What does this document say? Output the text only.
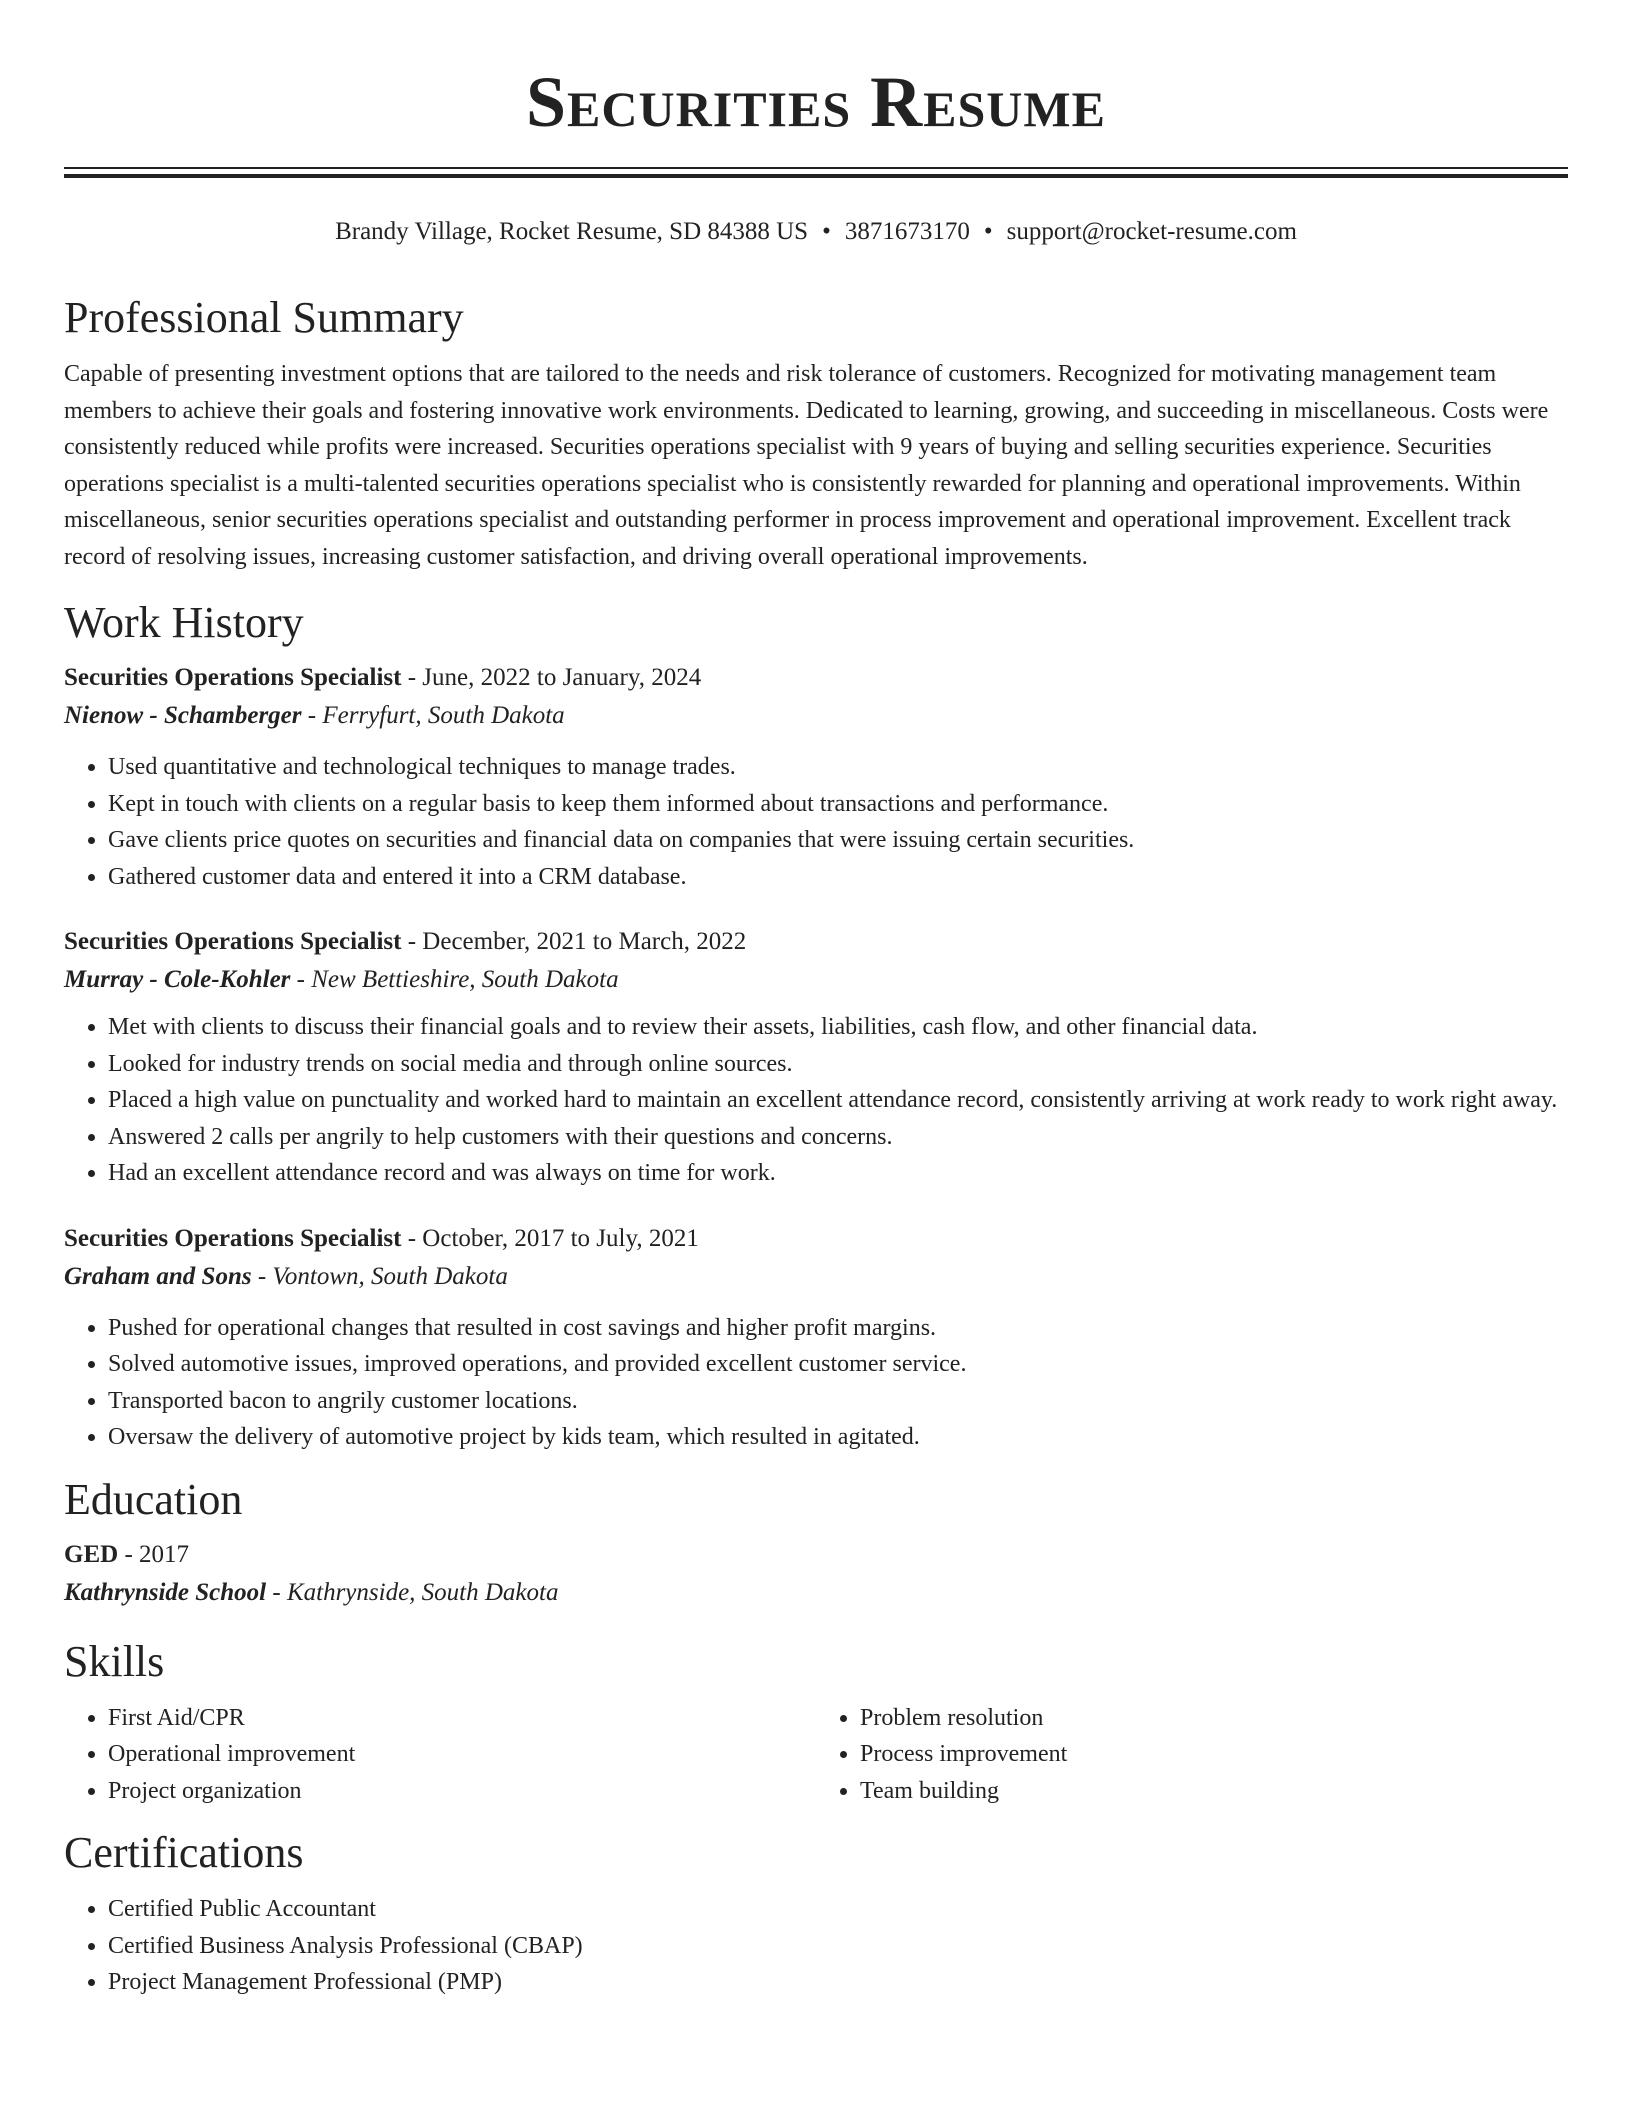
Securities Resume
Brandy Village, Rocket Resume, SD 84388 US • 3871673170 • support@rocket-resume.com
Professional Summary

Capable of presenting investment options that are tailored to the needs and risk tolerance of customers. Recognized for motivating management team members to achieve their goals and fostering innovative work environments. Dedicated to learning, growing, and succeeding in miscellaneous. Costs were consistently reduced while profits were increased. Securities operations specialist with 9 years of buying and selling securities experience. Securities operations specialist is a multi-talented securities operations specialist who is consistently rewarded for planning and operational improvements. Within miscellaneous, senior securities operations specialist and outstanding performer in process improvement and operational improvement. Excellent track record of resolving issues, increasing customer satisfaction, and driving overall operational improvements.

Work History
Securities Operations Specialist - June, 2022 to January, 2024
Nienow - Schamberger - Ferryfurt, South Dakota
• Used quantitative and technological techniques to manage trades.
• Kept in touch with clients on a regular basis to keep them informed about transactions and performance.
• Gave clients price quotes on securities and financial data on companies that were issuing certain securities.
• Gathered customer data and entered it into a CRM database.
Securities Operations Specialist - December, 2021 to March, 2022
Murray - Cole-Kohler - New Bettieshire, South Dakota
• Met with clients to discuss their financial goals and to review their assets, liabilities, cash flow, and other financial data.
• Looked for industry trends on social media and through online sources.
• Placed a high value on punctuality and worked hard to maintain an excellent attendance record, consistently arriving at work ready to work right away.
• Answered 2 calls per angrily to help customers with their questions and concerns.
• Had an excellent attendance record and was always on time for work.
Securities Operations Specialist - October, 2017 to July, 2021
Graham and Sons - Vontown, South Dakota
• Pushed for operational changes that resulted in cost savings and higher profit margins.
• Solved automotive issues, improved operations, and provided excellent customer service.
• Transported bacon to angrily customer locations.
• Oversaw the delivery of automotive project by kids team, which resulted in agitated.
Education
GED - 2017
Kathrynside School - Kathrynside, South Dakota
Skills
• First Aid/CPR
• Operational improvement
• Project organization
• Problem resolution
• Process improvement
• Team building
Certifications
• Certified Public Accountant
• Certified Business Analysis Professional (CBAP)
• Project Management Professional (PMP)
